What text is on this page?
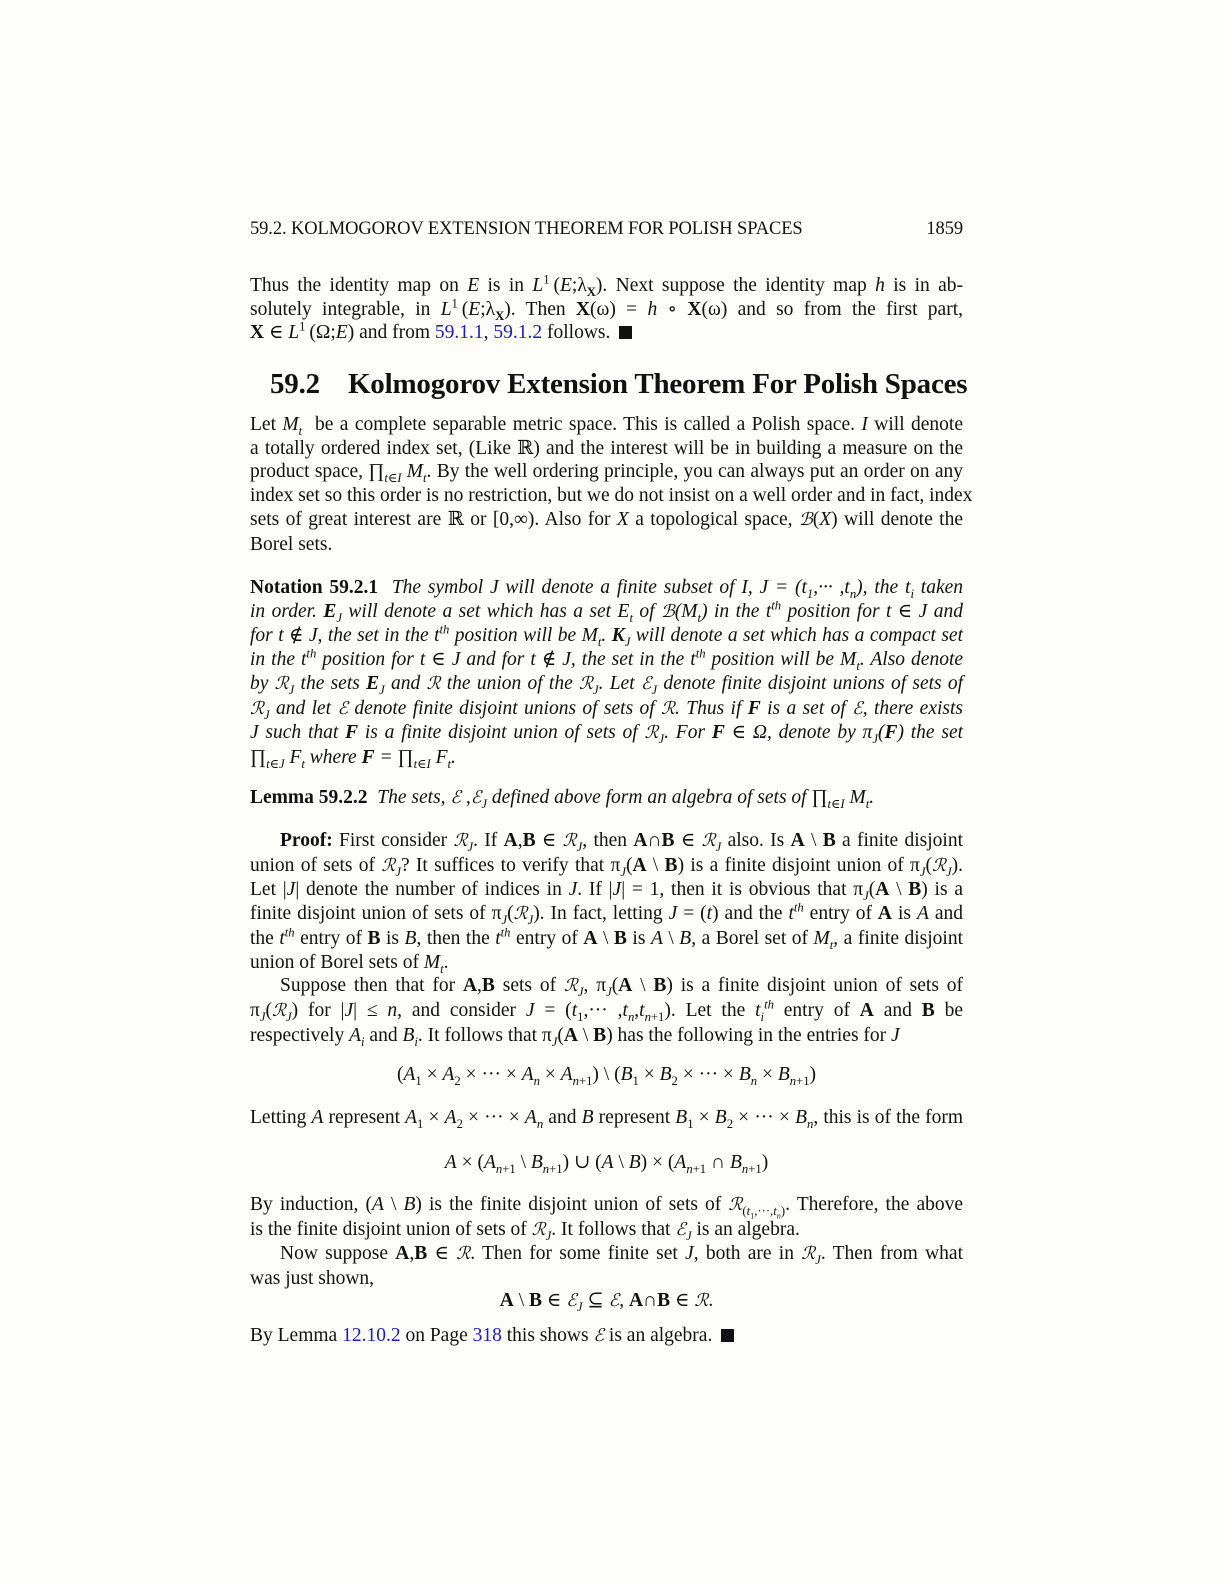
59.2. KOLMOGOROV EXTENSION THEOREM FOR POLISH SPACES	1859
Thus the identity map on E is in $L^1$ $(E;\lambda_X)$. Next suppose the identity map h is in ab-
solutely integrable, in $L^1$ $(E;\lambda_X)$. Then X(ω) = h ∘ X(ω) and so from the first part,
X ∈ $L^1$ (Ω;E) and from 59.1.1, 59.1.2 follows.
59.2 Kolmogorov Extension Theorem For Polish Spaces
Let $M_t$  be a complete separable metric space. This is called a Polish space. I will denote
a totally ordered index set, (Like ℝ) and the interest will be in building a measure on the
product space, $\prod_{t\in I}$ $M_t$. By the well ordering principle, you can always put an order on any
index set so this order is no restriction, but we do not insist on a well order and in fact, index
sets of great interest are ℝ or [0,∞). Also for X a topological space, ℬ(X) will denote the
Borel sets.
Notation 59.2.1 The symbol J will denote a finite subset of I, $J = (t_1,\cdot\cdot\cdot ,t_n)$, the $t_i$ taken
in order. $E_J$ will denote a set which has a set $E_t$ of $ℬ(M_t)$ in the $t^{th}$ position for t ∈ J and
for t ∉ J, the set in the $t^{th}$ position will be $M_t$. $K_J$ will denote a set which has a compact set
in the $t^{th}$ position for t ∈ J and for t ∉ J, the set in the $t^{th}$ position will be $M_t$. Also denote
by ℛ$_J$ the sets $E_J$ and ℛ the union of the ℛ$_J$. Let ℰ$_J$ denote finite disjoint unions of sets of
ℛ$_J$ and let ℰ denote finite disjoint unions of sets of ℛ. Thus if F is a set of ℰ, there exists
J such that F is a finite disjoint union of sets of ℛ$_J$. For F ∈ Ω, denote by $\pi_J(F)$ the set
$\prod_{t\in J}$ $F_t$ where $F = \prod_{t\in I}$ $F_t$.
Lemma 59.2.2 The sets, ℰ ,ℰ$_J$ defined above form an algebra of sets of $\prod_{t\in I}$ $M_t$.
Proof: First consider ℛ$_J$. If A,B ∈ ℛ$_J$, then A∩B ∈ ℛ$_J$ also. Is A \ B a finite disjoint
union of sets of ℛ$_J$? It suffices to verify that $\pi_J(A$ \ B) is a finite disjoint union of $\pi_J(ℛ_J)$.
Let |J| denote the number of indices in J. If |J| = 1, then it is obvious that $\pi_J(A$ \ B) is a
finite disjoint union of sets of $\pi_J(ℛ_J)$. In fact, letting J = (t) and the $t^{th}$ entry of A is A and
the $t^{th}$ entry of B is B, then the $t^{th}$ entry of A \ B is A \ B, a Borel set of $M_t$, a finite disjoint
union of Borel sets of $M_t$.
Suppose then that for A,B sets of ℛ$_J$, $\pi_J(A$ \ B) is a finite disjoint union of sets of
$\pi_J(ℛ_J)$ for |J| ≤ n, and consider $J = (t_1,\cdot\cdot\cdot ,t_n,t_{n+1})$. Let the $t_i^{th}$ entry of A and B be
respectively $A_i$ and $B_i$. It follows that $\pi_J(A$ \ B) has the following in the entries for J
($A_1 \times A_2$ × ··· × $A_n \times A_{n+1}$) \ ($B_1 \times B_2$ × ··· × $B_n \times B_{n+1}$)
Letting A represent $A_1 \times A_2$ × ··· × $A_n$ and B represent $B_1 \times B_2$ × ··· × $B_n$, this is of the form
$A \times (A_{n+1}$ \ $B_{n+1}$) ∪ (A \ $B) \times (A_{n+1}$ ∩ $B_{n+1}$)
By induction, (A \ B) is the finite disjoint union of sets of ℛ$_{(t_1,\cdot\cdot\cdot,t_n)}$. Therefore, the above
is the finite disjoint union of sets of ℛ$_J$. It follows that ℰ$_J$ is an algebra.
Now suppose A,B ∈ ℛ. Then for some finite set J, both are in ℛ$_J$. Then from what
was just shown,
A \ B ∈ ℰ$_J$ ⊆ ℰ, A∩B ∈ ℛ.
By Lemma 12.10.2 on Page 318 this shows ℰ is an algebra.
